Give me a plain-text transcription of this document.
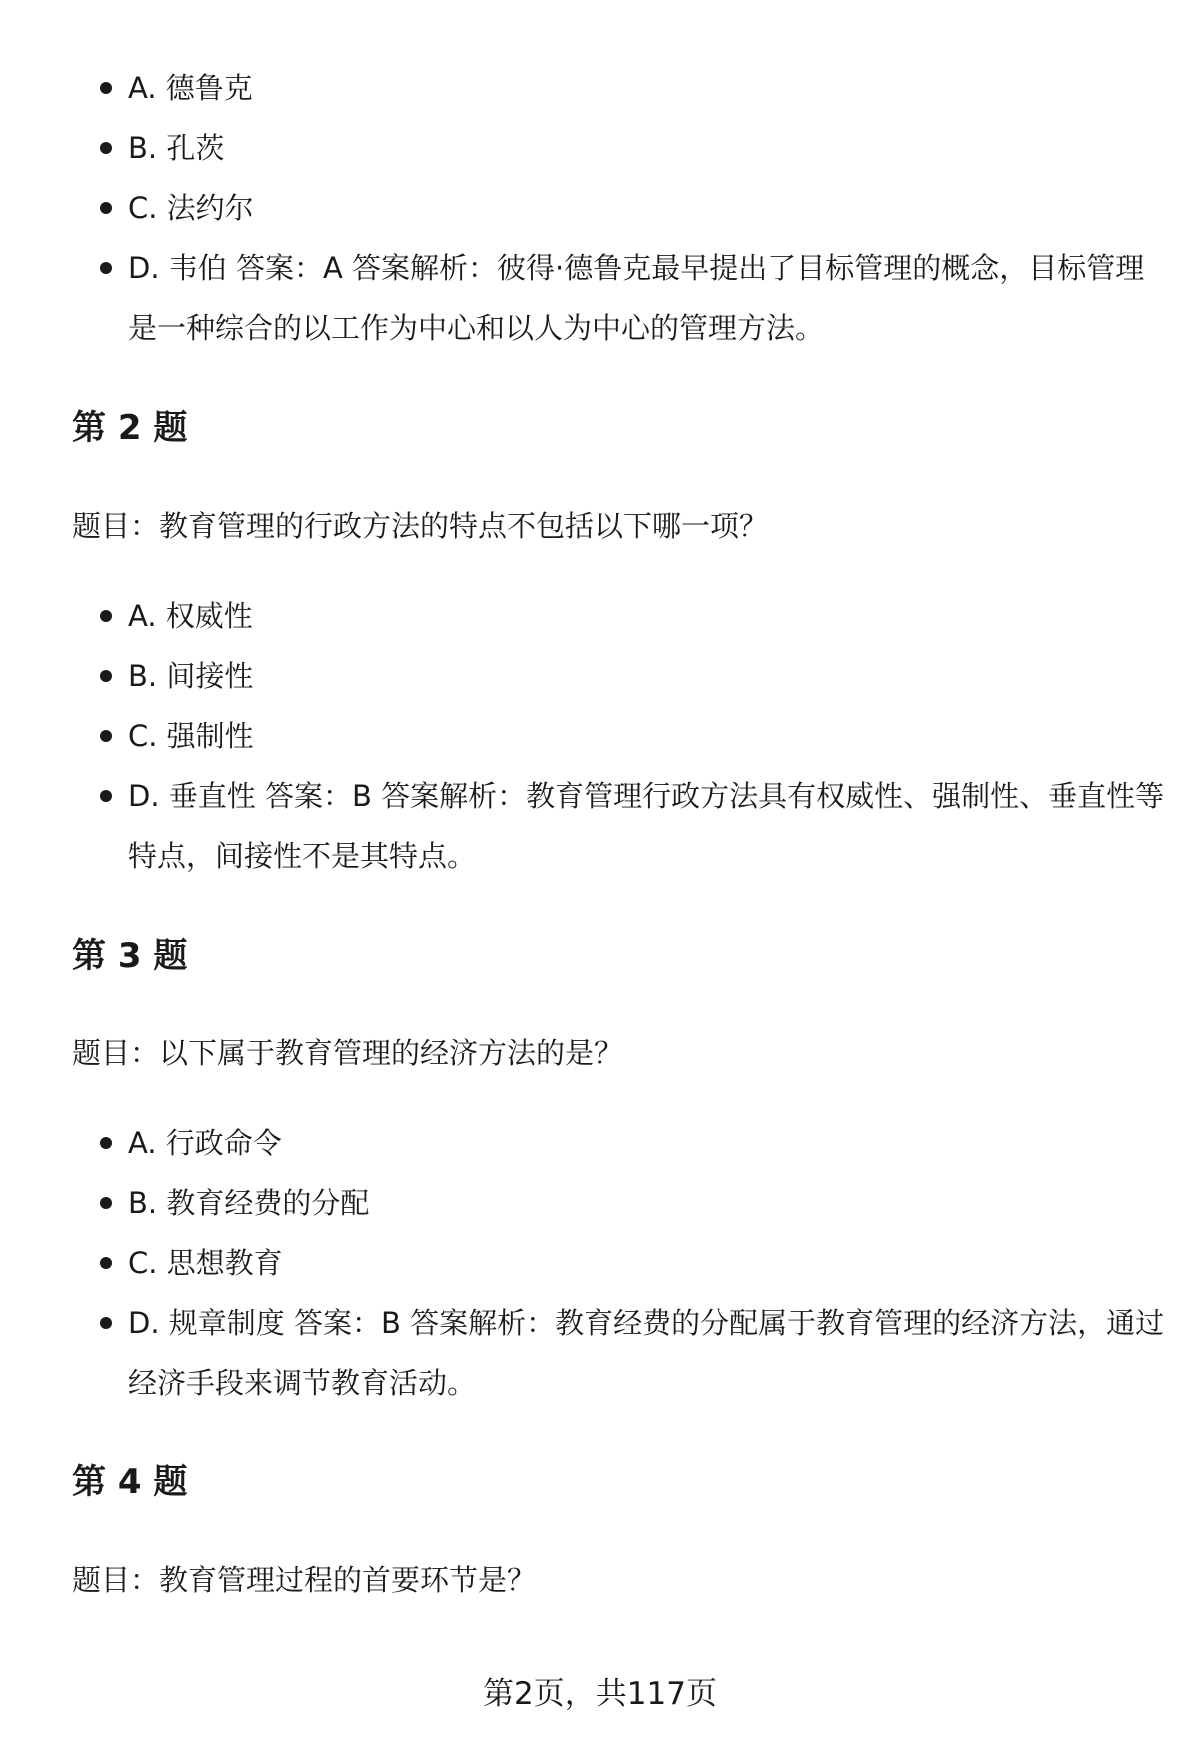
A. 德鲁克
B. 孔茨
C. 法约尔
D. 韦伯 答案：A 答案解析：彼得·德鲁克最早提出了目标管理的概念，目标管理是一种综合的以工作为中心和以人为中心的管理方法。
第 2 题

题目：教育管理的行政方法的特点不包括以下哪一项？

A. 权威性
B. 间接性
C. 强制性
D. 垂直性 答案：B 答案解析：教育管理行政方法具有权威性、强制性、垂直性等特点，间接性不是其特点。
第 3 题

题目：以下属于教育管理的经济方法的是？

A. 行政命令
B. 教育经费的分配
C. 思想教育
D. 规章制度 答案：B 答案解析：教育经费的分配属于教育管理的经济方法，通过经济手段来调节教育活动。
第 4 题

题目：教育管理过程的首要环节是？

第2页，共117页
